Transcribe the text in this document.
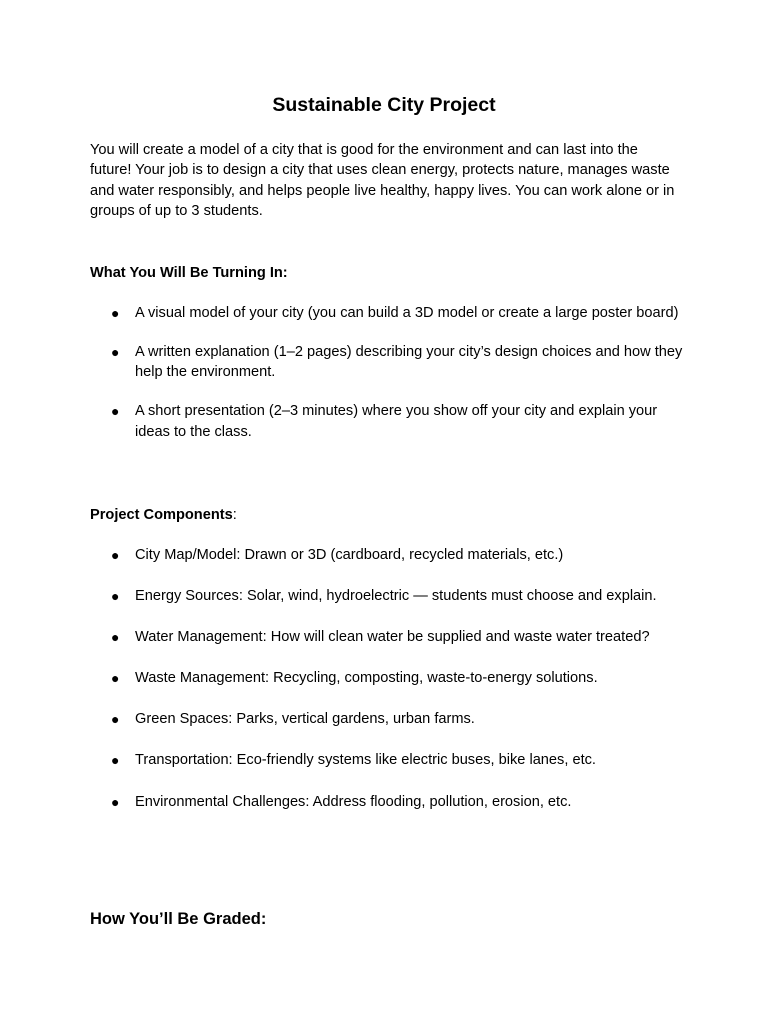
Sustainable City Project

You will create a model of a city that is good for the environment and can last into the future! Your job is to design a city that uses clean energy, protects nature, manages waste and water responsibly, and helps people live healthy, happy lives. You can work alone or in groups of up to 3 students.

What You Will Be Turning In:

● A visual model of your city (you can build a 3D model or create a large poster board)
● A written explanation (1–2 pages) describing your city’s design choices and how they help the environment.
● A short presentation (2–3 minutes) where you show off your city and explain your ideas to the class.

Project Components:

● City Map/Model: Drawn or 3D (cardboard, recycled materials, etc.)
● Energy Sources: Solar, wind, hydroelectric — students must choose and explain.
● Water Management: How will clean water be supplied and waste water treated?
● Waste Management: Recycling, composting, waste-to-energy solutions.
● Green Spaces: Parks, vertical gardens, urban farms.
● Transportation: Eco-friendly systems like electric buses, bike lanes, etc.
● Environmental Challenges: Address flooding, pollution, erosion, etc.

How You’ll Be Graded:
